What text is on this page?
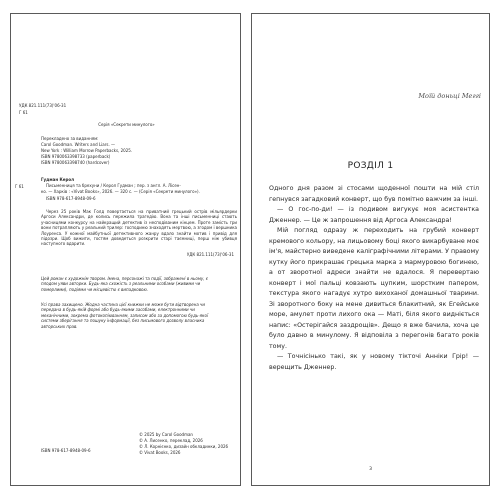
УДК 821.111(73)'06-31

Г 61

Серія «Секрети минулого»

Перекладено за виданням:

Carol Goodman. Writers and Liars. —

New York : William Morrow Paperbacks, 2025.

ISBN 9780063398733 (paperback)

ISBN 9780063398740 (hardcover)

Г 61

Гудман Керол

Письменниця та брехуни / Керол Гудман ; пер. з англ. А. Лісен-

ко. — Харків : «Vivat Books», 2026. — 320 с. — (Серія «Секрети минулого»).

ISBN 978-617-8948-09-6

Через 25 років Мак Голд повертається на приватний грецький острів мільярдерки Аргоси Александри, де колись пережила трагедію. Вона та інші письменниці стають учасницями конкурсу на найкращий детектив із несподіваним кінцем. Проте замість гри вони потрапляють у реальний трилер: господиню знаходять мертвою, а згодом і вершника Лоуренса. У кожної майбутньої детективного жанру вдало знайти мотив і привід для підозри. Щоб вижити, гостям доведеться розкрити старі таємниці, перш ніж убивця наступного вдарити.

УДК 821.111(73)'06-31

Цей роман є художнім твором. Імена, персонажі та події, зображені в ньому, є плодом уяви авторки. Будь-яка схожість з реальними особами (живими чи померлими), подіями чи місцевістю є випадковою.

Усі права захищено. Жодна частина цієї книжки не може бути відтворена чи передана в будь-якій формі або будь-якими засобами, електронними чи механічними, зокрема фотокопіюванням, записом або за допомогою будь-якої системи зберігання та пошуку інформації, без письмового дозволу власника авторських прав.

ISBN 978-617-8948-09-6

© 2025 by Carol Goodman

© А. Лисенко, переклад, 2026

© Л. Корнієнко, дизайн обкладинки, 2026

© Vivat Books, 2026

Моїй доньці Меггі

РОЗДІЛ 1

Одного дня разом зі стосами щоденної пошти на мій стіл гепнувся загадковий конверт, що був помітно важчим за інші.

— О гос-по-ди! — із подивом вигукує моя асистентка Дженнер. — Це ж запрошення від Аргоса Александра!

Мій погляд одразу ж переходить на грубий конверт кремового кольору, на лицьовому боці якого викарбуване моє ім'я, майстерно виведене каліграфічними літерами. У правому кутку його прикрашає грецька марка з мармуровою богинею, а от зворотної адреси знайти не вдалося. Я перевертаю конверт і мої пальці ковзають цупким, шорстким папером, текстура якого нагадує хутро вихоханої домашньої тварини. Зі зворотного боку на мене дивиться блакитний, як Егейське море, амулет проти лихого ока — Маті, біля якого видніється напис: «Остерігайся заздрощів». Дещо я вже бачила, хоча це було давно в минулому. Я відповіла з перегонів багато років тому.

— Точнісінько такі, як у новому тікточі Анніки Грір! — верещить Дженнер.

3
